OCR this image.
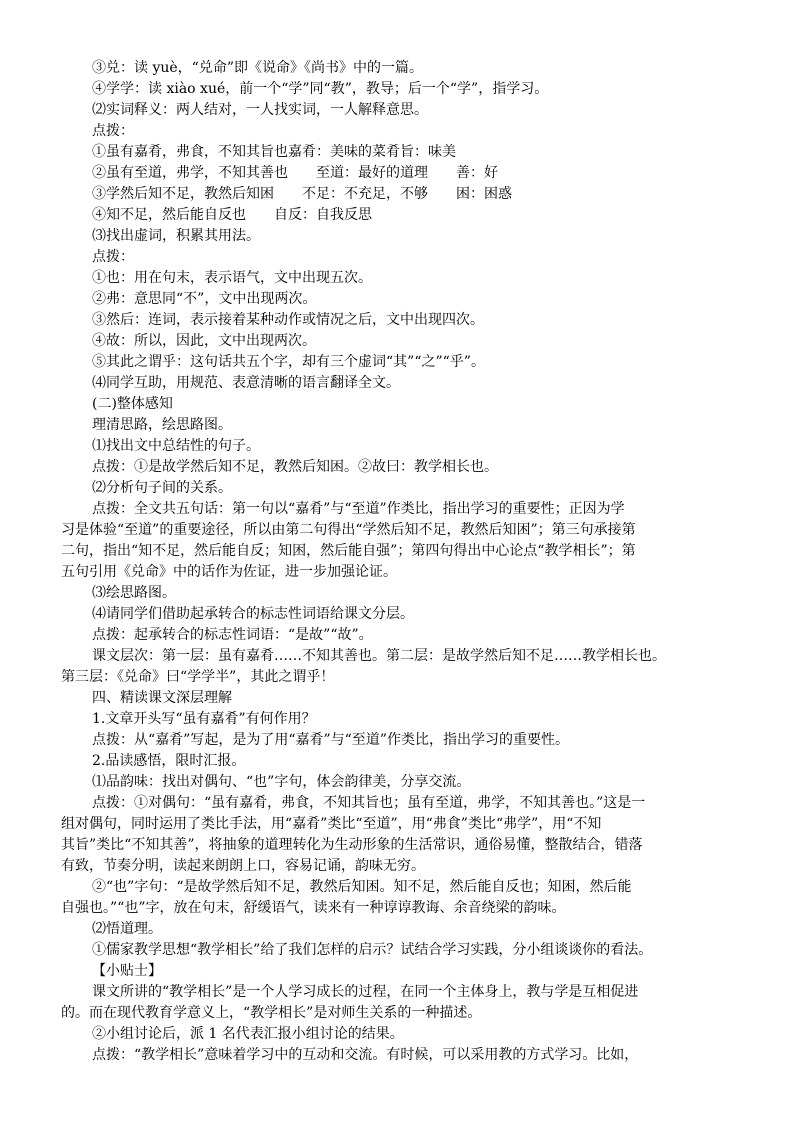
③兑：读 yuè，“兑命”即《说命》《尚书》中的一篇。

④学学：读 xiào xué，前一个“学”同“教”，教导；后一个“学”，指学习。

⑵实词释义：两人结对，一人找实词，一人解释意思。

点拨：

①虽有嘉肴，弗食，不知其旨也嘉肴：美味的菜肴旨：味美

②虽有至道，弗学，不知其善也　　至道：最好的道理　　善：好

③学然后知不足，教然后知困　　不足：不充足，不够　　困：困惑

④知不足，然后能自反也　　自反：自我反思

⑶找出虚词，积累其用法。

点拨：

①也：用在句末，表示语气，文中出现五次。

②弗：意思同“不”，文中出现两次。

③然后：连词，表示接着某种动作或情况之后，文中出现四次。

④故：所以，因此，文中出现两次。

⑤其此之谓乎：这句话共五个字，却有三个虚词“其”“之”“乎”。

⑷同学互助，用规范、表意清晰的语言翻译全文。

(二)整体感知

理清思路，绘思路图。

⑴找出文中总结性的句子。

点拨：①是故学然后知不足，教然后知困。②故曰：教学相长也。

⑵分析句子间的关系。

点拨：全文共五句话：第一句以“嘉肴”与“至道”作类比，指出学习的重要性；正因为学

习是体验“至道”的重要途径，所以由第二句得出“学然后知不足，教然后知困”；第三句承接第

二句，指出“知不足，然后能自反；知困，然后能自强”；第四句得出中心论点“教学相长”；第

五句引用《兑命》中的话作为佐证，进一步加强论证。

⑶绘思路图。

⑷请同学们借助起承转合的标志性词语给课文分层。

点拨：起承转合的标志性词语：“是故”“故”。

课文层次：第一层：虽有嘉肴……不知其善也。第二层：是故学然后知不足……教学相长也。

第三层：《兑命》曰“学学半”，其此之谓乎！

四、精读课文深层理解

1.文章开头写“虽有嘉肴”有何作用？

点拨：从“嘉肴”写起，是为了用“嘉肴”与“至道”作类比，指出学习的重要性。

2.品读感悟，限时汇报。

⑴品韵味：找出对偶句、“也”字句，体会韵律美，分享交流。

点拨：①对偶句：“虽有嘉肴，弗食，不知其旨也；虽有至道，弗学，不知其善也。”这是一

组对偶句，同时运用了类比手法，用“嘉肴”类比“至道”，用“弗食”类比“弗学”，用“不知

其旨”类比“不知其善”，将抽象的道理转化为生动形象的生活常识，通俗易懂，整散结合，错落

有致，节奏分明，读起来朗朗上口，容易记诵，韵味无穷。

②“也”字句：“是故学然后知不足，教然后知困。知不足，然后能自反也；知困，然后能

自强也。”“也”字，放在句末，舒缓语气，读来有一种谆谆教诲、余音绕梁的韵味。

⑵悟道理。

①儒家教学思想“教学相长”给了我们怎样的启示？试结合学习实践，分小组谈谈你的看法。

【小贴士】

课文所讲的“教学相长”是一个人学习成长的过程，在同一个主体身上，教与学是互相促进

的。而在现代教育学意义上，“教学相长”是对师生关系的一种描述。

②小组讨论后，派 1 名代表汇报小组讨论的结果。

点拨：“教学相长”意味着学习中的互动和交流。有时候，可以采用教的方式学习。比如，
